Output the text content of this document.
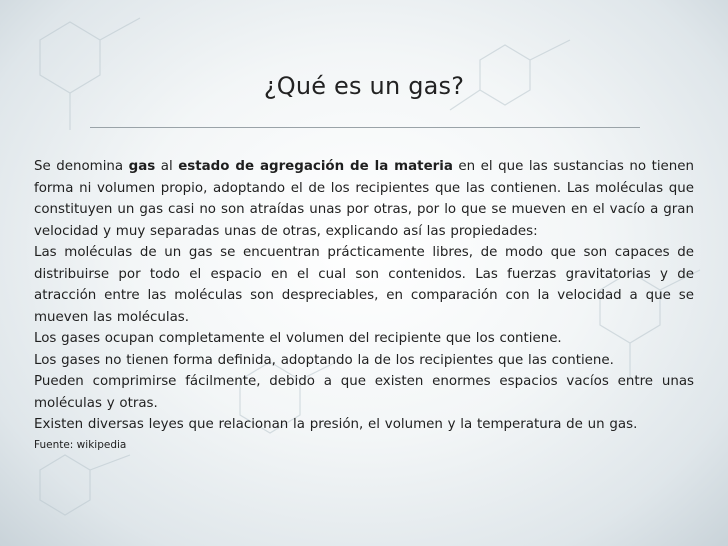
¿Qué es un gas?

Se denomina gas al estado de agregación de la materia en el que las sustancias no tienen forma ni volumen propio, adoptando el de los recipientes que las contienen. Las moléculas que constituyen un gas casi no son atraídas unas por otras, por lo que se mueven en el vacío a gran velocidad y muy separadas unas de otras, explicando así las propiedades:

Las moléculas de un gas se encuentran prácticamente libres, de modo que son capaces de distribuirse por todo el espacio en el cual son contenidos. Las fuerzas gravitatorias y de atracción entre las moléculas son despreciables, en comparación con la velocidad a que se mueven las moléculas.

Los gases ocupan completamente el volumen del recipiente que los contiene.

Los gases no tienen forma definida, adoptando la de los recipientes que las contiene.

Pueden comprimirse fácilmente, debido a que existen enormes espacios vacíos entre unas moléculas y otras.

Existen diversas leyes que relacionan la presión, el volumen y la temperatura de un gas.

Fuente: wikipedia
